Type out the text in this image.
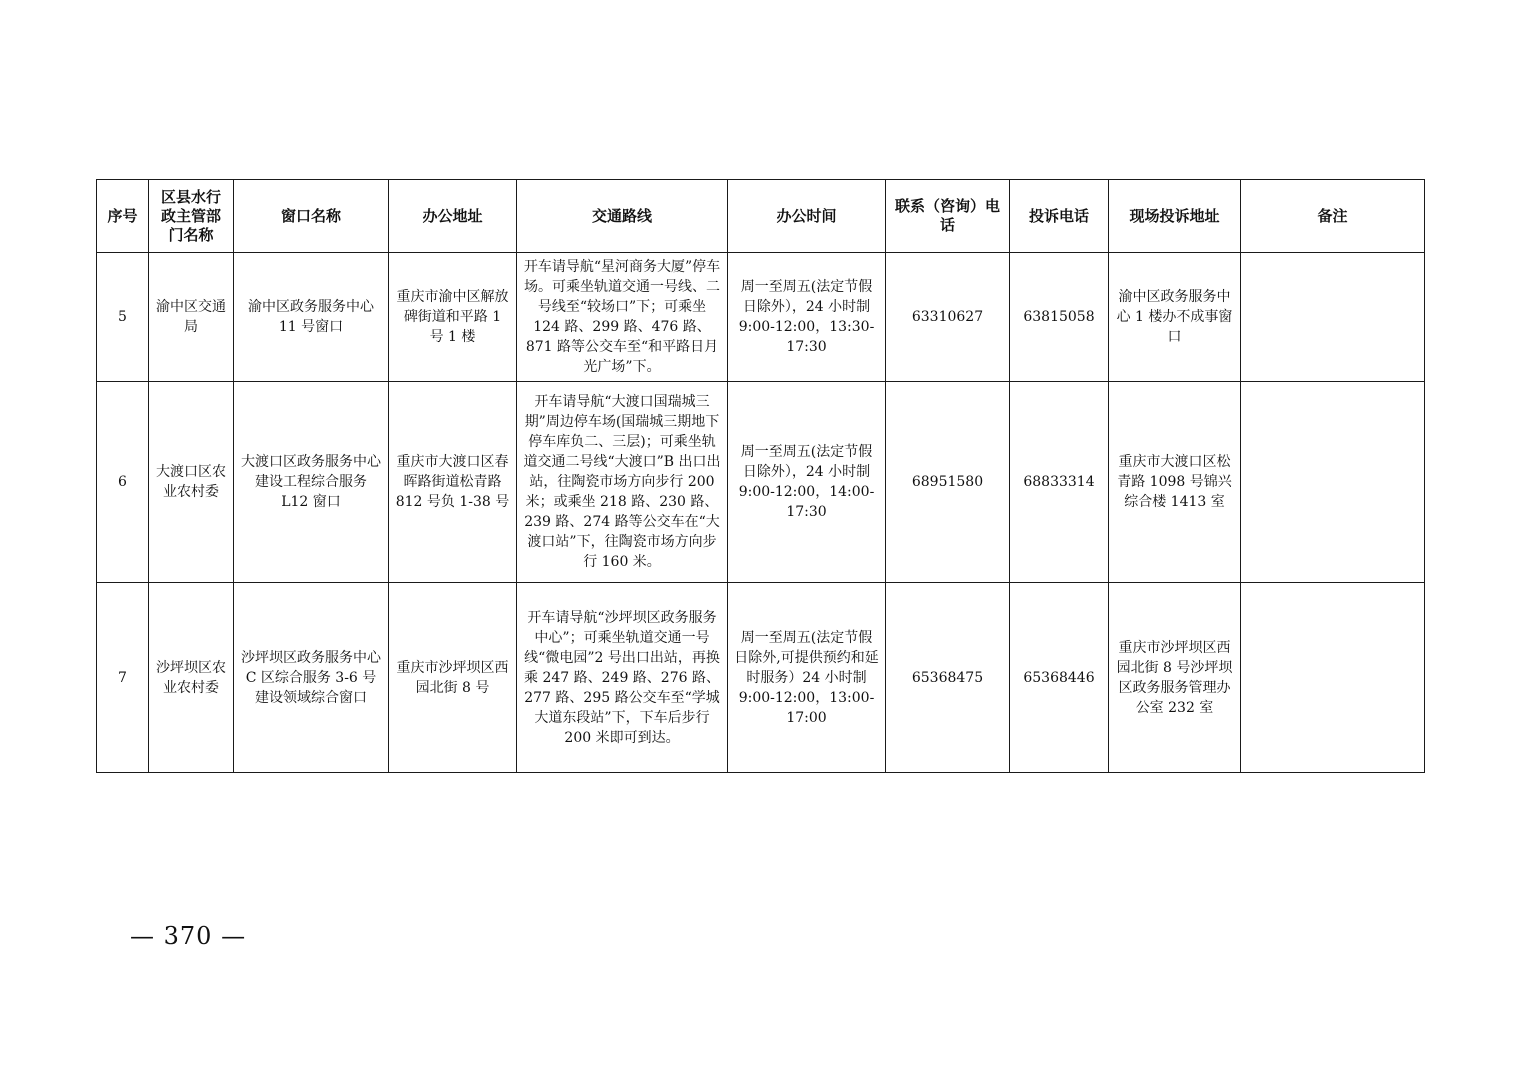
序号	区县水行政主管部门名称	窗口名称	办公地址	交通路线	办公时间	联系（咨询）电话	投诉电话	现场投诉地址	备注
5	渝中区交通局	渝中区政务服务中心 11 号窗口	重庆市渝中区解放碑街道和平路 1 号 1 楼	开车请导航“星河商务大厦”停车场。可乘坐轨道交通一号线、二号线至“较场口”下；可乘坐 124 路、299 路、476 路、871 路等公交车至“和平路日月光广场”下。	周一至周五(法定节假日除外），24 小时制 9:00-12:00，13:30-17:30	63310627	63815058	渝中区政务服务中心 1 楼办不成事窗口	
6	大渡口区农业农村委	大渡口区政务服务中心建设工程综合服务 L12 窗口	重庆市大渡口区春晖路街道松青路 812 号负 1-38 号	开车请导航“大渡口国瑞城三期”周边停车场(国瑞城三期地下停车库负二、三层)；可乘坐轨道交通二号线“大渡口”B 出口出站，往陶瓷市场方向步行 200 米；或乘坐 218 路、230 路、239 路、274 路等公交车在“大渡口站”下，往陶瓷市场方向步行 160 米。	周一至周五(法定节假日除外），24 小时制 9:00-12:00，14:00-17:30	68951580	68833314	重庆市大渡口区松青路 1098 号锦兴综合楼 1413 室	
7	沙坪坝区农业农村委	沙坪坝区政务服务中心 C 区综合服务 3-6 号建设领域综合窗口	重庆市沙坪坝区西园北街 8 号	开车请导航“沙坪坝区政务服务中心”；可乘坐轨道交通一号线“微电园”2 号出口出站，再换乘 247 路、249 路、276 路、277 路、295 路公交车至“学城大道东段站”下，下车后步行 200 米即可到达。	周一至周五(法定节假日除外,可提供预约和延时服务）24 小时制 9:00-12:00，13:00-17:00	65368475	65368446	重庆市沙坪坝区西园北街 8 号沙坪坝区政务服务管理办公室 232 室	
— 370 —
